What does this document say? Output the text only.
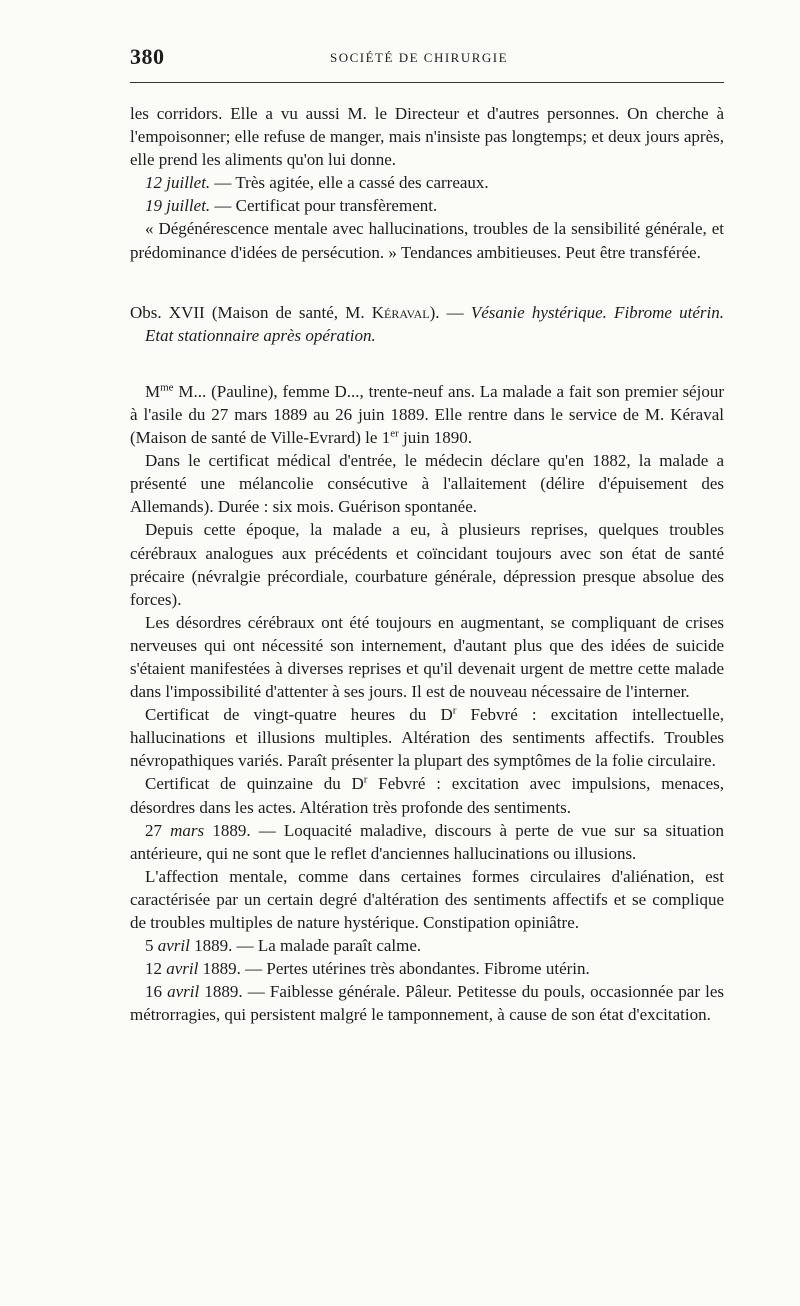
380	SOCIÉTÉ DE CHIRURGIE

les corridors. Elle a vu aussi M. le Directeur et d'autres personnes. On cherche à l'empoisonner; elle refuse de manger, mais n'insiste pas longtemps; et deux jours après, elle prend les aliments qu'on lui donne.

12 juillet. — Très agitée, elle a cassé des carreaux.

19 juillet. — Certificat pour transfèrement.

« Dégénérescence mentale avec hallucinations, troubles de la sensibilité générale, et prédominance d'idées de persécution. » Tendances ambitieuses. Peut être transférée.

Obs. XVII (Maison de santé, M. Kéraval). — Vésanie hystérique. Fibrome utérin. Etat stationnaire après opération.

$M^{me}$ M... (Pauline), femme D..., trente-neuf ans. La malade a fait son premier séjour à l'asile du 27 mars 1889 au 26 juin 1889. Elle rentre dans le service de M. Kéraval (Maison de santé de Ville-Evrard) le 1er juin 1890.

Dans le certificat médical d'entrée, le médecin déclare qu'en 1882, la malade a présenté une mélancolie consécutive à l'allaitement (délire d'épuisement des Allemands). Durée : six mois. Guérison spontanée.

Depuis cette époque, la malade a eu, à plusieurs reprises, quelques troubles cérébraux analogues aux précédents et coïncidant toujours avec son état de santé précaire (névralgie précordiale, courbature générale, dépression presque absolue des forces).

Les désordres cérébraux ont été toujours en augmentant, se compliquant de crises nerveuses qui ont nécessité son internement, d'autant plus que des idées de suicide s'étaient manifestées à diverses reprises et qu'il devenait urgent de mettre cette malade dans l'impossibilité d'attenter à ses jours. Il est de nouveau nécessaire de l'interner.

Certificat de vingt-quatre heures du $D^r$ Febvré : excitation intellectuelle, hallucinations et illusions multiples. Altération des sentiments affectifs. Troubles névropathiques variés. Paraît présenter la plupart des symptômes de la folie circulaire.

Certificat de quinzaine du $D^r$ Febvré : excitation avec impulsions, menaces, désordres dans les actes. Altération très profonde des sentiments.

27 mars 1889. — Loquacité maladive, discours à perte de vue sur sa situation antérieure, qui ne sont que le reflet d'anciennes hallucinations ou illusions.

L'affection mentale, comme dans certaines formes circulaires d'aliénation, est caractérisée par un certain degré d'altération des sentiments affectifs et se complique de troubles multiples de nature hystérique. Constipation opiniâtre.

5 avril 1889. — La malade paraît calme.

12 avril 1889. — Pertes utérines très abondantes. Fibrome utérin.

16 avril 1889. — Faiblesse générale. Pâleur. Petitesse du pouls, occasionnée par les métrorragies, qui persistent malgré le tamponnement, à cause de son état d'excitation.
